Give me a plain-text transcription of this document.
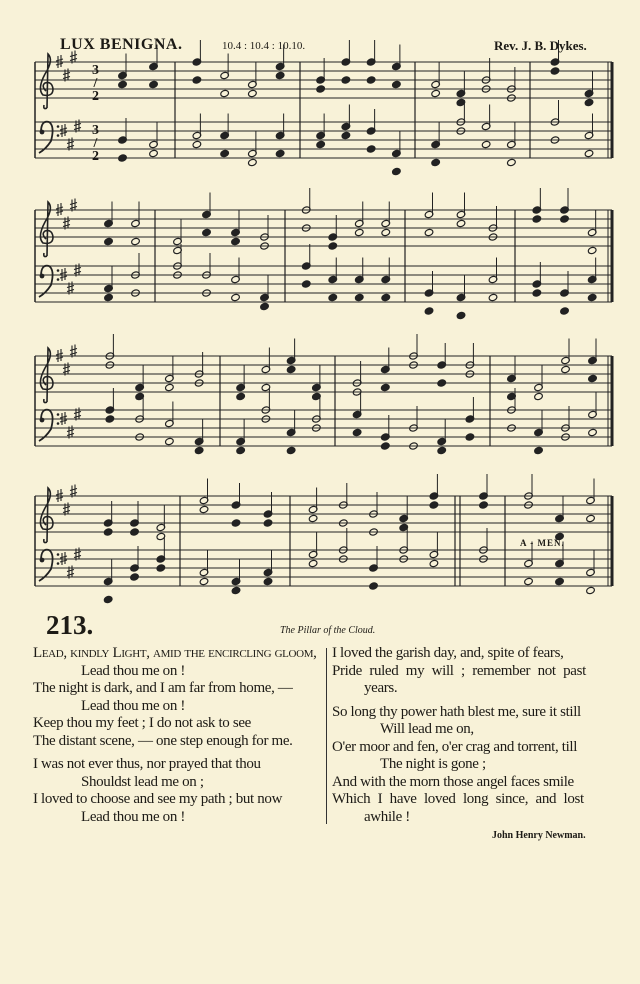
LUX BENIGNA.	10.4 : 10.4 : 10.10.	Rev. J. B. Dykes.
3/2
3/2
A - MEN.
213.	The Pillar of the Cloud.
Lead, kindly Light, amid the encircling gloom,
Lead thou me on !
The night is dark, and I am far from home, —
Lead thou me on !
Keep thou my feet ; I do not ask to see
The distant scene, — one step enough for me.
I was not ever thus, nor prayed that thou
Shouldst lead me on ;
I loved to choose and see my path ; but now
Lead thou me on !
I loved the garish day, and, spite of fears,
Pride ruled my will ; remember not past
years.
So long thy power hath blest me, sure it still
Will lead me on,
O'er moor and fen, o'er crag and torrent, till
The night is gone ;
And with the morn those angel faces smile
Which I have loved long since, and lost
awhile !
John Henry Newman.
